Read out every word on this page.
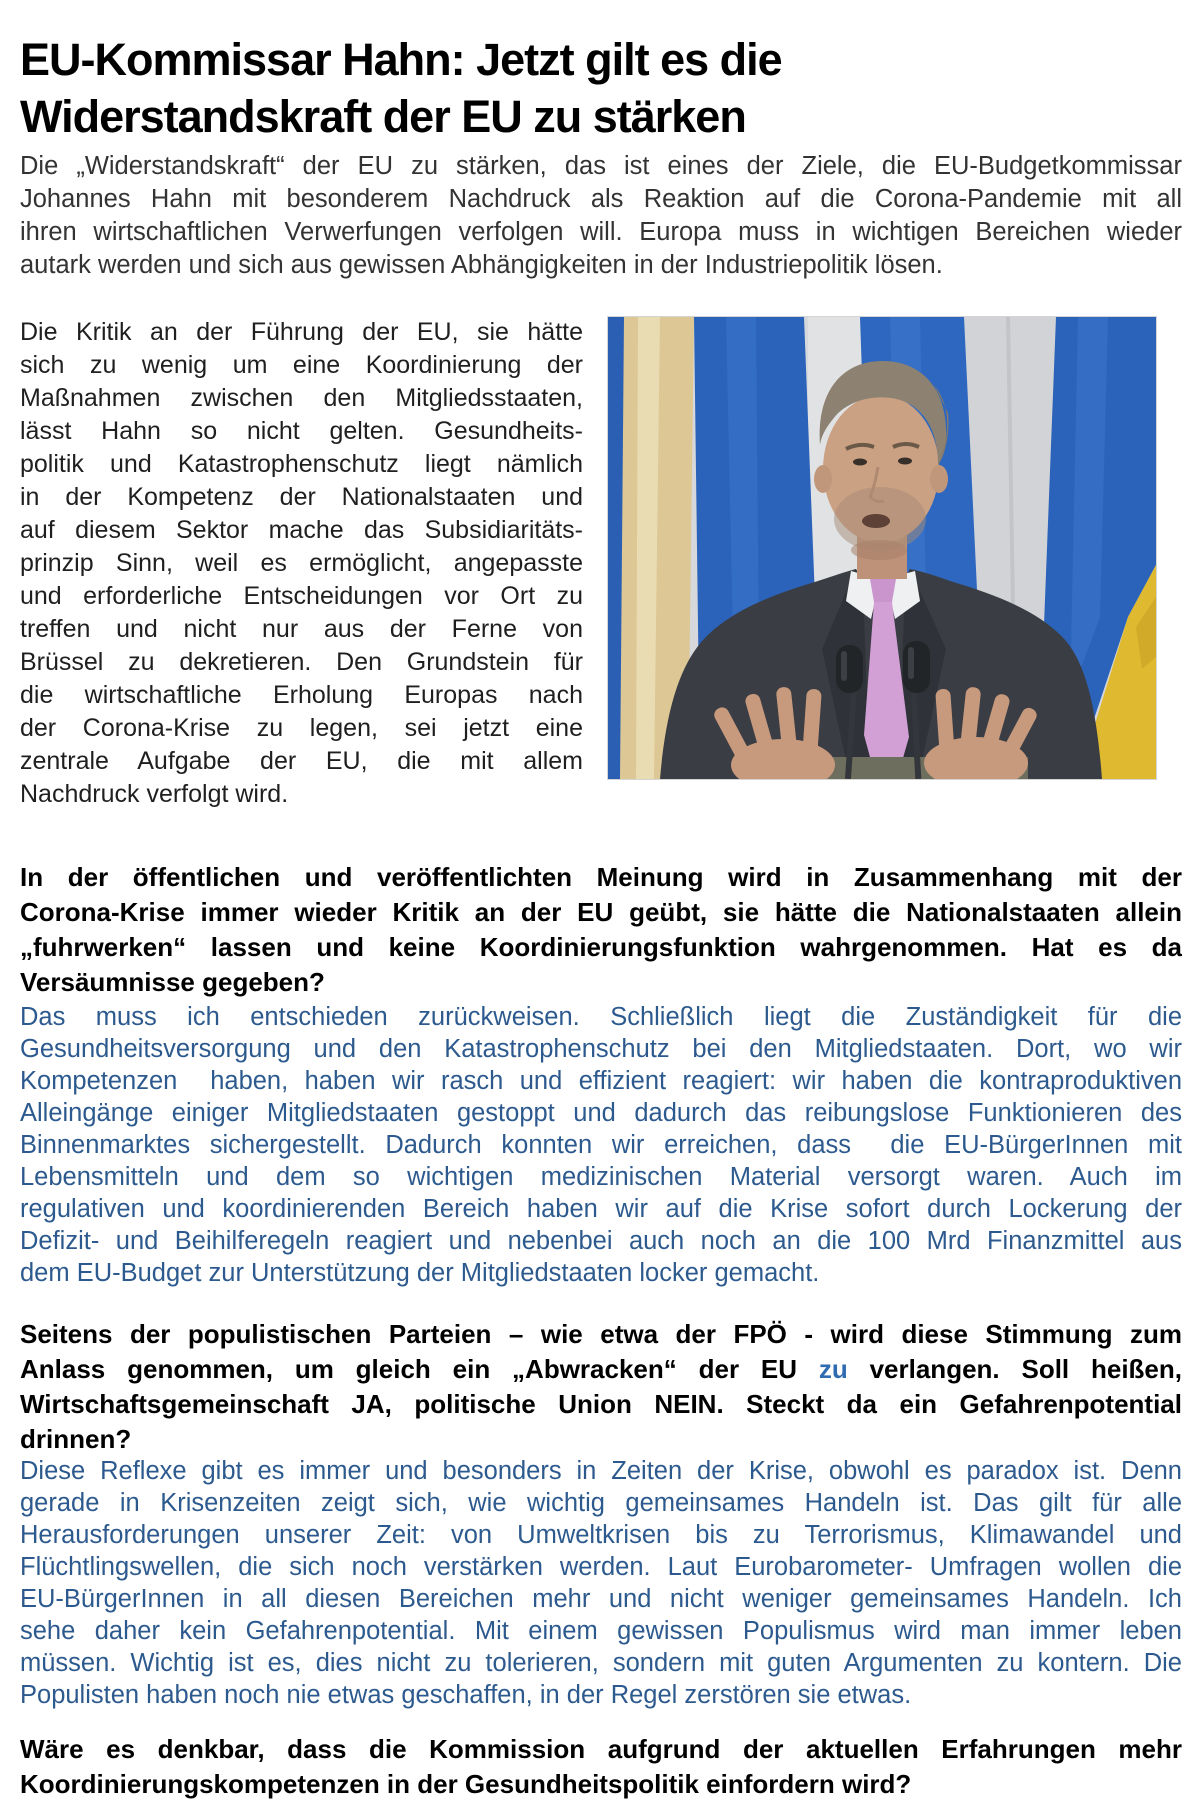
EU-Kommissar Hahn: Jetzt gilt es die
Widerstandskraft der EU zu stärken
Die „Widerstandskraft“ der EU zu stärken, das ist eines der Ziele, die EU-Budgetkommissar
Johannes Hahn mit besonderem Nachdruck als Reaktion auf die Corona-Pandemie mit all
ihren wirtschaftlichen Verwerfungen verfolgen will. Europa muss in wichtigen Bereichen wieder
autark werden und sich aus gewissen Abhängigkeiten in der Industriepolitik lösen.
Die Kritik an der Führung der EU, sie hätte
sich zu wenig um eine Koordinierung der
Maßnahmen zwischen den Mitgliedsstaaten,
lässt Hahn so nicht gelten. Gesundheits-
politik und Katastrophenschutz liegt nämlich
in der Kompetenz der Nationalstaaten und
auf diesem Sektor mache das Subsidiaritäts-
prinzip Sinn, weil es ermöglicht, angepasste
und erforderliche Entscheidungen vor Ort zu
treffen und nicht nur aus der Ferne von
Brüssel zu dekretieren. Den Grundstein für
die wirtschaftliche Erholung Europas nach
der Corona-Krise zu legen, sei jetzt eine
zentrale Aufgabe der EU, die mit allem
Nachdruck verfolgt wird.
In der öffentlichen und veröffentlichten Meinung wird in Zusammenhang mit der
Corona-Krise immer wieder Kritik an der EU geübt, sie hätte die Nationalstaaten allein
„fuhrwerken“ lassen und keine Koordinierungsfunktion wahrgenommen. Hat es da
Versäumnisse gegeben?
Das muss ich entschieden zurückweisen. Schließlich liegt die Zuständigkeit für die
Gesundheitsversorgung und den Katastrophenschutz bei den Mitgliedstaaten. Dort, wo wir
Kompetenzen  haben, haben wir rasch und effizient reagiert: wir haben die kontraproduktiven
Alleingänge einiger Mitgliedstaaten gestoppt und dadurch das reibungslose Funktionieren des
Binnenmarktes sichergestellt. Dadurch konnten wir erreichen, dass  die EU-BürgerInnen mit
Lebensmitteln und dem so wichtigen medizinischen Material versorgt waren. Auch im
regulativen und koordinierenden Bereich haben wir auf die Krise sofort durch Lockerung der
Defizit- und Beihilferegeln reagiert und nebenbei auch noch an die 100 Mrd Finanzmittel aus
dem EU-Budget zur Unterstützung der Mitgliedstaaten locker gemacht.
Seitens der populistischen Parteien – wie etwa der FPÖ - wird diese Stimmung zum
Anlass genommen, um gleich ein „Abwracken“ der EU zu verlangen. Soll heißen,
Wirtschaftsgemeinschaft JA, politische Union NEIN. Steckt da ein Gefahrenpotential
drinnen?
Diese Reflexe gibt es immer und besonders in Zeiten der Krise, obwohl es paradox ist. Denn
gerade in Krisenzeiten zeigt sich, wie wichtig gemeinsames Handeln ist. Das gilt für alle
Herausforderungen unserer Zeit: von Umweltkrisen bis zu Terrorismus, Klimawandel und
Flüchtlingswellen, die sich noch verstärken werden. Laut Eurobarometer- Umfragen wollen die
EU-BürgerInnen in all diesen Bereichen mehr und nicht weniger gemeinsames Handeln. Ich
sehe daher kein Gefahrenpotential. Mit einem gewissen Populismus wird man immer leben
müssen. Wichtig ist es, dies nicht zu tolerieren, sondern mit guten Argumenten zu kontern. Die
Populisten haben noch nie etwas geschaffen, in der Regel zerstören sie etwas.
Wäre es denkbar, dass die Kommission aufgrund der aktuellen Erfahrungen mehr
Koordinierungskompetenzen in der Gesundheitspolitik einfordern wird?
